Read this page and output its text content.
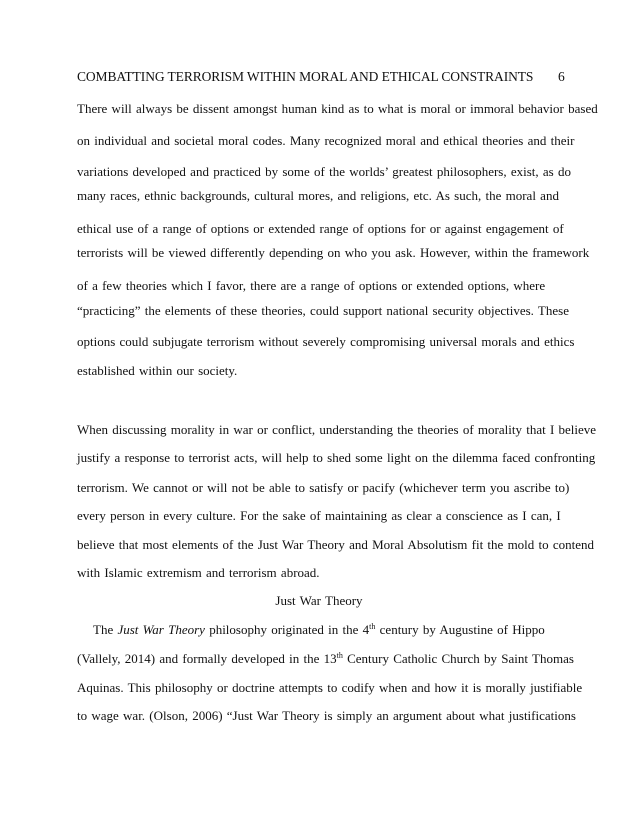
COMBATTING TERRORISM WITHIN MORAL AND ETHICAL CONSTRAINTS 6
There will always be dissent amongst human kind as to what is moral or immoral behavior based
on individual and societal moral codes. Many recognized moral and ethical theories and their
variations developed and practiced by some of the worlds’ greatest philosophers, exist, as do
many races, ethnic backgrounds, cultural mores, and religions, etc. As such, the moral and
ethical use of a range of options or extended range of options for or against engagement of
terrorists will be viewed differently depending on who you ask. However, within the framework
of a few theories which I favor, there are a range of options or extended options, where
“practicing” the elements of these theories, could support national security objectives. These
options could subjugate terrorism without severely compromising universal morals and ethics
established within our society.
When discussing morality in war or conflict, understanding the theories of morality that I believe
justify a response to terrorist acts, will help to shed some light on the dilemma faced confronting
terrorism. We cannot or will not be able to satisfy or pacify (whichever term you ascribe to)
every person in every culture. For the sake of maintaining as clear a conscience as I can, I
believe that most elements of the Just War Theory and Moral Absolutism fit the mold to contend
with Islamic extremism and terrorism abroad.
Just War Theory
The Just War Theory philosophy originated in the 4th century by Augustine of Hippo
(Vallely, 2014) and formally developed in the 13th Century Catholic Church by Saint Thomas
Aquinas. This philosophy or doctrine attempts to codify when and how it is morally justifiable
to wage war. (Olson, 2006) “Just War Theory is simply an argument about what justifications
